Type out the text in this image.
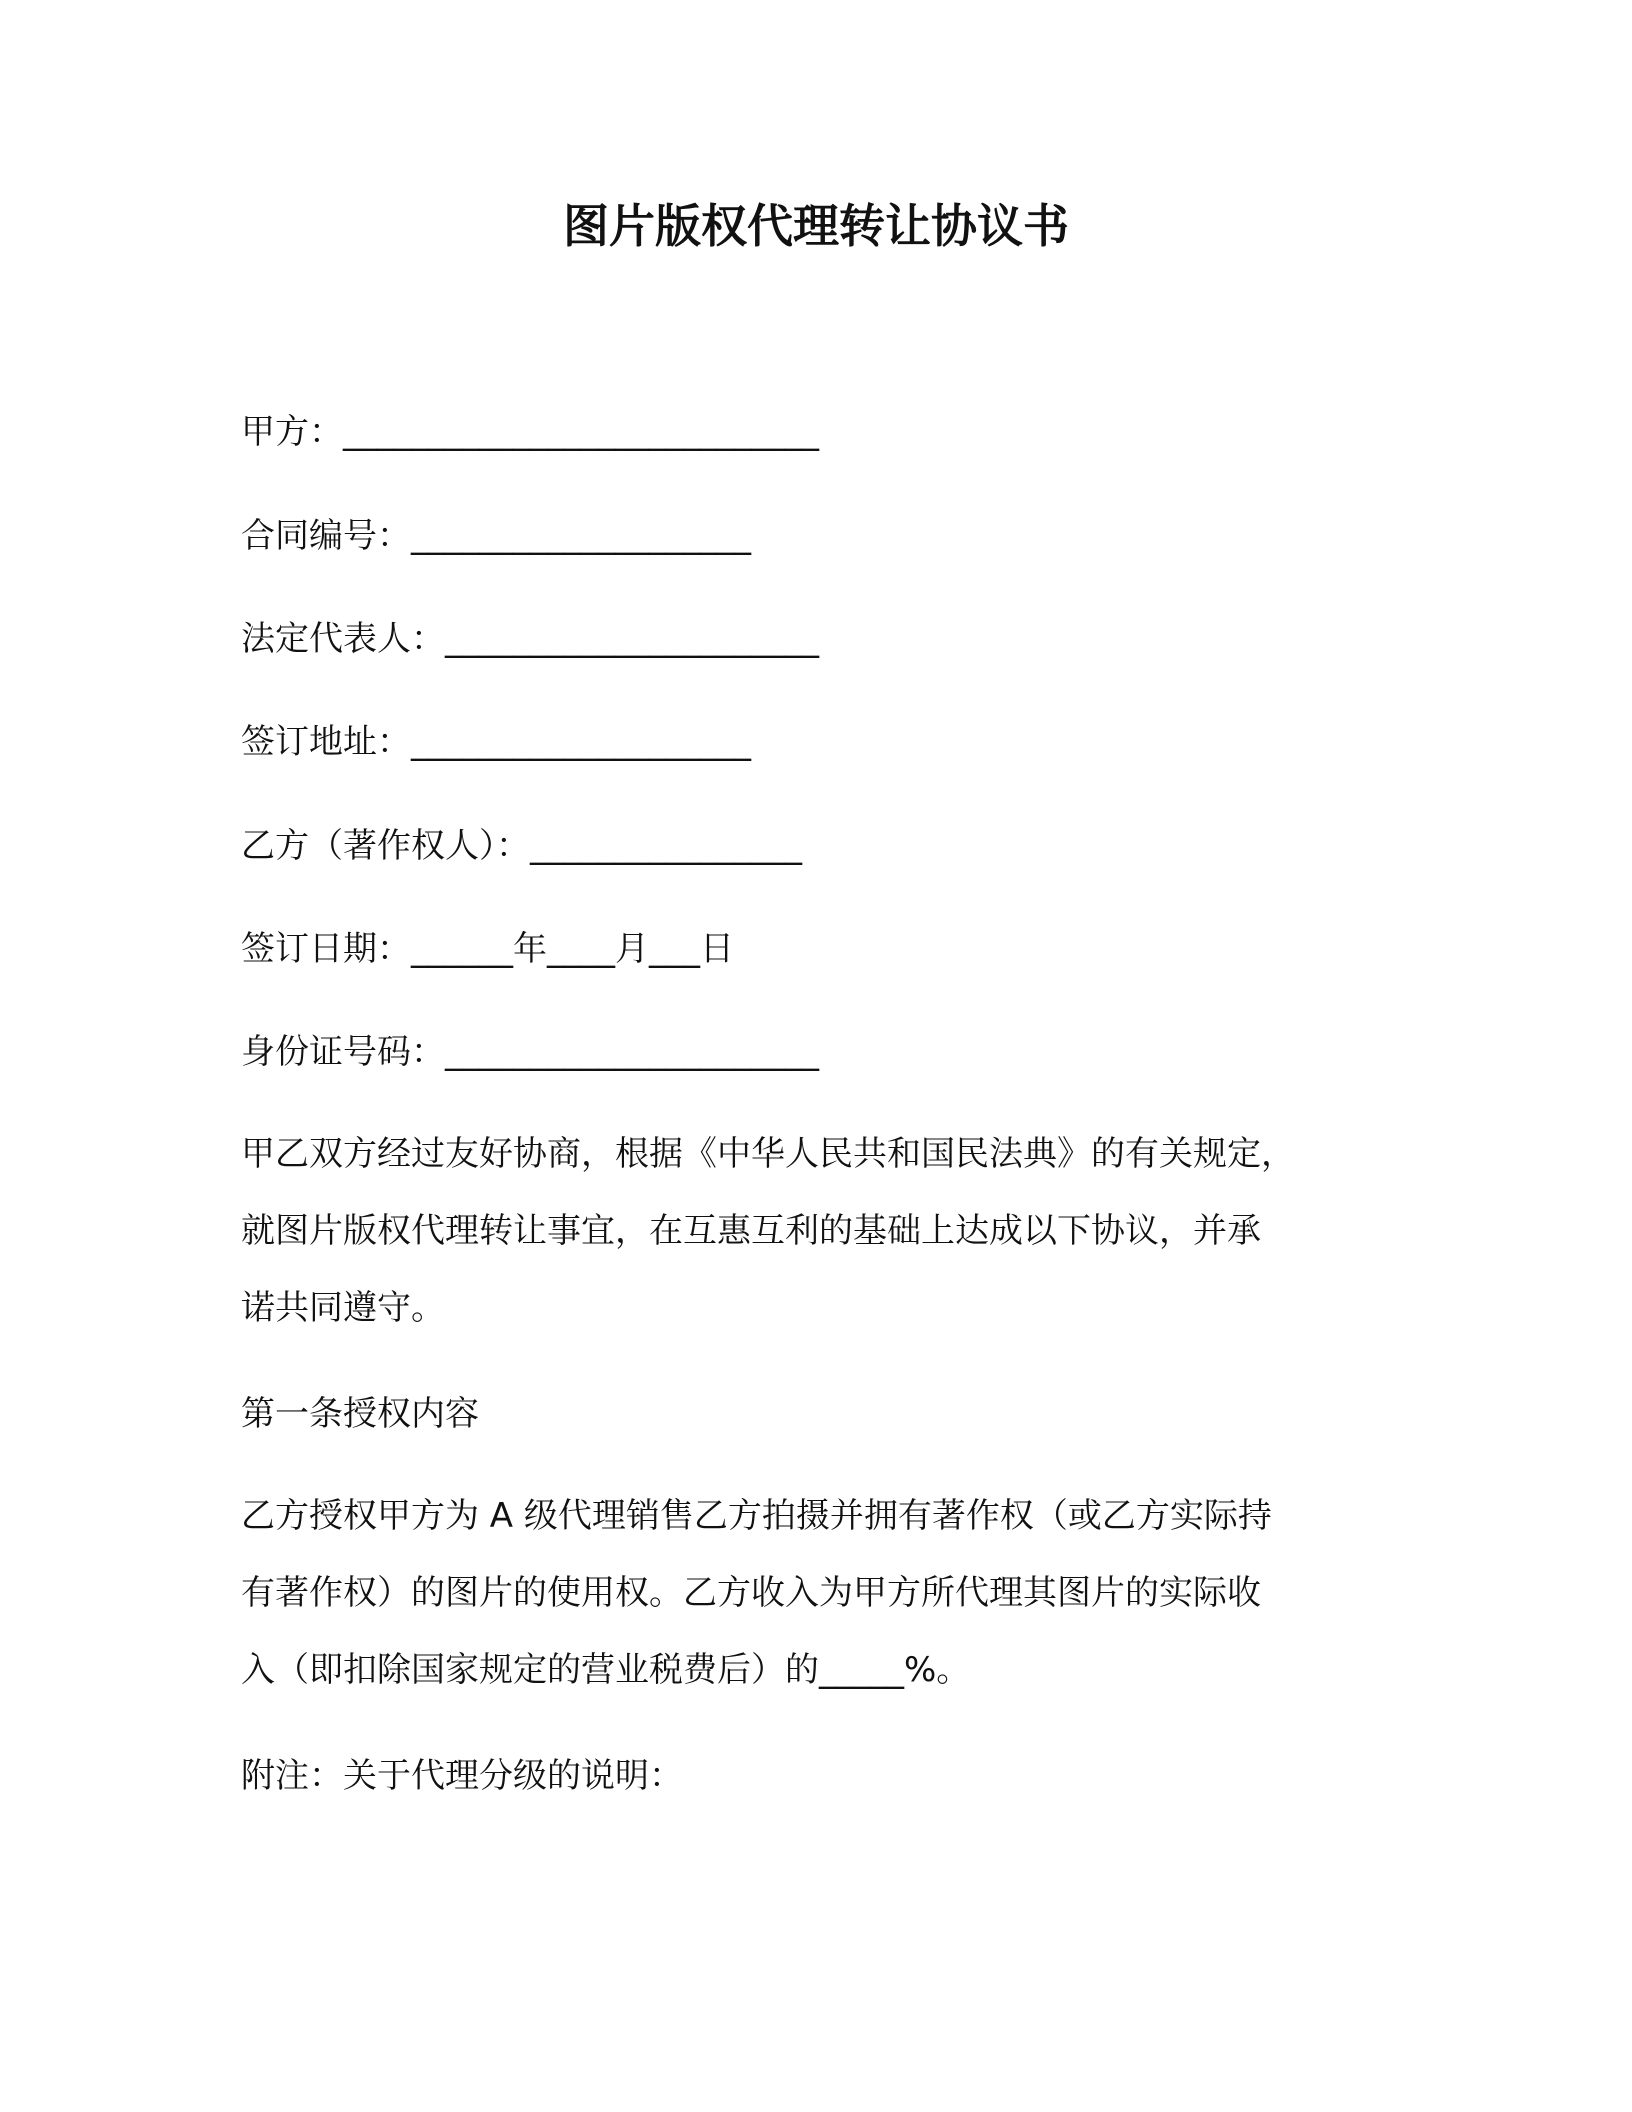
图片版权代理转让协议书
甲方：____________________________
合同编号：____________________
法定代表人：______________________
签订地址：____________________
乙方（著作权人）：________________
签订日期：______年____月___日
身份证号码：______________________
甲乙双方经过友好协商，根据《中华人民共和国民法典》的有关规定，
就图片版权代理转让事宜，在互惠互利的基础上达成以下协议，并承
诺共同遵守。
第一条授权内容
乙方授权甲方为 A 级代理销售乙方拍摄并拥有著作权（或乙方实际持
有著作权）的图片的使用权。乙方收入为甲方所代理其图片的实际收
入（即扣除国家规定的营业税费后）的_____%。
附注：关于代理分级的说明：
